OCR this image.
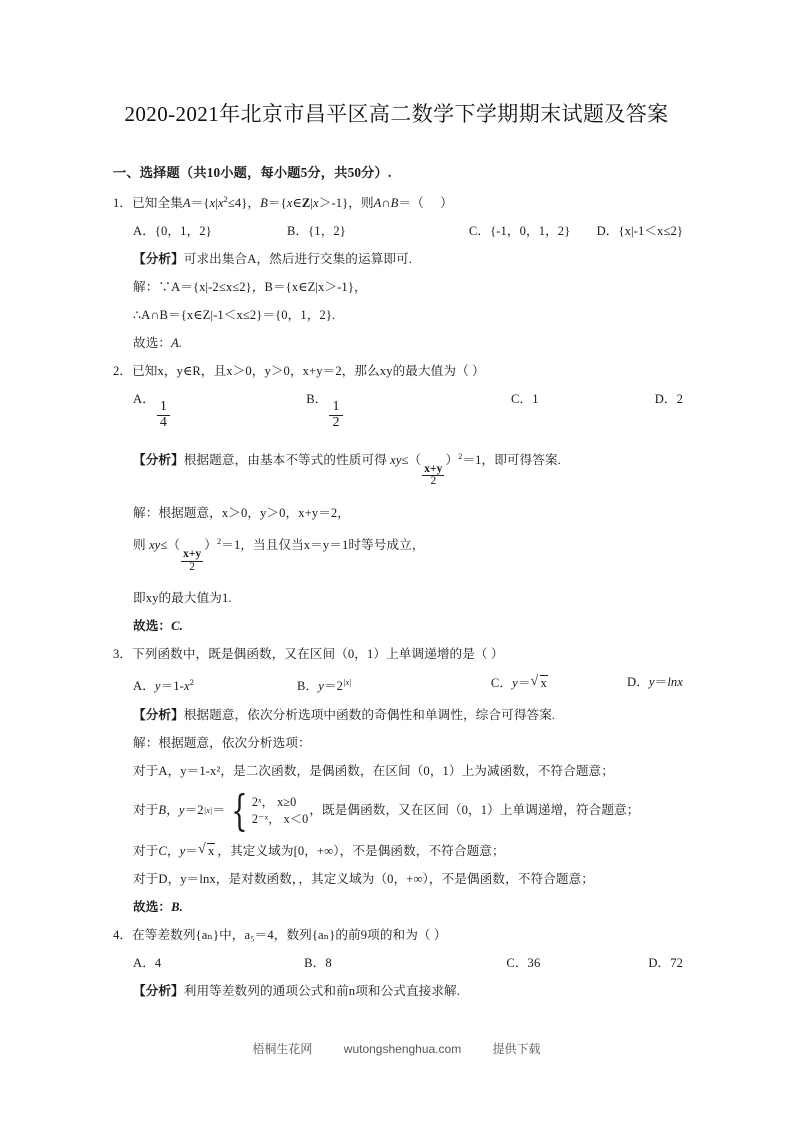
2020-2021年北京市昌平区高二数学下学期期末试题及答案
一、选择题（共10小题，每小题5分，共50分）.
1．已知全集$A=\{x|x^2\le 4\}$，B＝{x∈Z|x＞-1}，则A∩B＝（ ）
A．{0，1，2}	B．{1，2}	C．{-1，0，1，2}	D．{x|-1＜x≤2}
【分析】可求出集合A，然后进行交集的运算即可.
解：∵A＝{x|-2≤x≤2}，B＝{x∈Z|x＞-1}，
∴A∩B＝{x∈Z|-1＜x≤2}＝{0，1，2}.
故选：A.
2．已知x，y∈R，且x＞0，y＞0，x+y＝2，那么xy的最大值为（ ）
A．
$\frac{1}{4}$
B．
$\frac{1}{2}$
C．1	D．2
【分析】根据题意，由基本不等式的性质可得 xy≤（
$\frac{x+y}{2}$
）$^2$＝1，即可得答案.
解：根据题意，x＞0，y＞0，x+y＝2，
则 xy≤（
$\frac{x+y}{2}$
）$^2$＝1，当且仅当x＝y＝1时等号成立，
即xy的最大值为1.
故选：C.
3．下列函数中，既是偶函数，又在区间（0，1）上单调递增的是（ ）
A．$y=1-x^2$	B．$y=2^{|x|}$	C．y＝ √ x	D．y＝lnx
【分析】根据题意，依次分析选项中函数的奇偶性和单调性，综合可得答案.
解：根据题意，依次分析选项：
对于A，y＝1-x²，是二次函数，是偶函数，在区间（0，1）上为减函数，不符合题意；
对于B，y＝2 |x| ＝ { 2ˣ， x≥0
2⁻ˣ， x＜0
，既是偶函数，又在区间（0，1）上单调递增，符合题意；
对于C，y＝ √ x ，其定义域为[0，+∞），不是偶函数，不符合题意；
对于D，y＝lnx，是对数函数，，其定义域为（0，+∞），不是偶函数，不符合题意；
故选：B.
4．在等差数列{aₙ}中，a₅＝4，数列{aₙ}的前9项的和为（ ）
A．4	B．8	C．36	D．72
【分析】利用等差数列的通项公式和前n项和公式直接求解.
梧桐生花网	wutongshenghua.com	提供下载
